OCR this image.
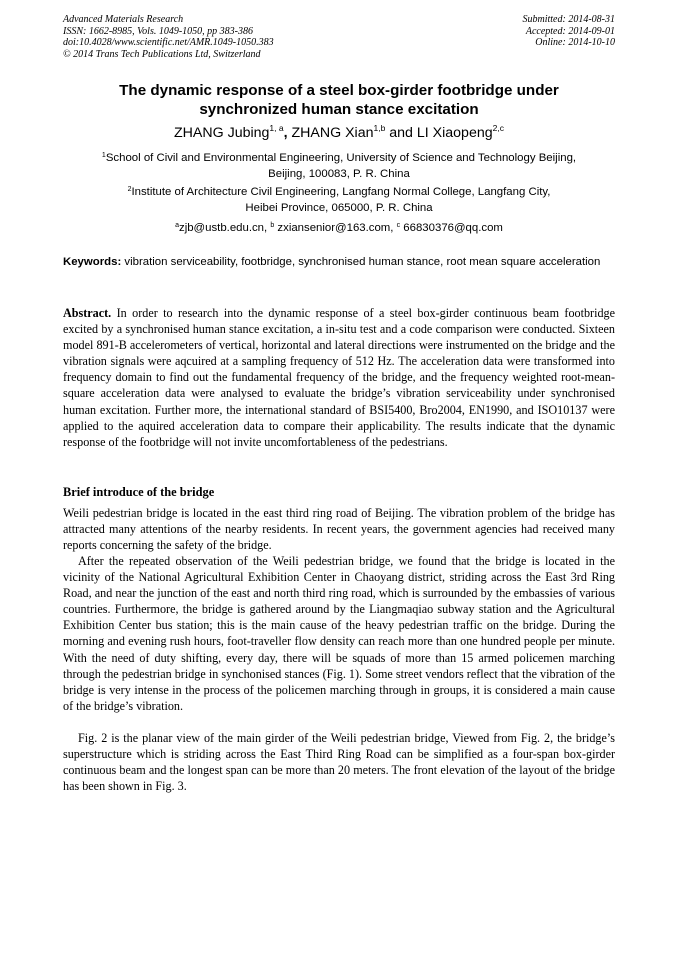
Advanced Materials Research
ISSN: 1662-8985, Vols. 1049-1050, pp 383-386
doi:10.4028/www.scientific.net/AMR.1049-1050.383
© 2014 Trans Tech Publications Ltd, Switzerland
Submitted: 2014-08-31
Accepted: 2014-09-01
Online: 2014-10-10
The dynamic response of a steel box-girder footbridge under
synchronized human stance excitation
ZHANG Jubing$^{1, a}$, ZHANG Xian$^{1,b}$ and LI Xiaopeng$^{2,c}$
$^1$School of Civil and Environmental Engineering, University of Science and Technology Beijing,
Beijing, 100083, P. R. China
$^2$Institute of Architecture Civil Engineering, Langfang Normal College, Langfang City,
Heibei Province, 065000, P. R. China
$^a$zjb@ustb.edu.cn, $^b$ zxiansenior@163.com, $^c$ 66830376@qq.com
Keywords: vibration serviceability, footbridge, synchronised human stance, root mean square acceleration
Abstract. In order to research into the dynamic response of a steel box-girder continuous beam footbridge excited by a synchronised human stance excitation, a in-situ test and a code comparison were conducted. Sixteen model 891-B accelerometers of vertical, horizontal and lateral directions were instrumented on the bridge and the vibration signals were aqcuired at a sampling frequency of 512 Hz. The acceleration data were transformed into frequency domain to find out the fundamental frequency of the bridge, and the frequency weighted root-mean-square acceleration data were analysed to evaluate the bridge’s vibration serviceability under synchronised human excitation. Further more, the international standard of BSI5400, Bro2004, EN1990, and ISO10137 were applied to the aquired acceleration data to compare their applicability. The results indicate that the dynamic response of the footbridge will not invite uncomfortableness of the pedestrians.
Brief introduce of the bridge
Weili pedestrian bridge is located in the east third ring road of Beijing. The vibration problem of the bridge has attracted many attentions of the nearby residents. In recent years, the government agencies had received many reports concerning the safety of the bridge.
After the repeated observation of the Weili pedestrian bridge, we found that the bridge is located in the vicinity of the National Agricultural Exhibition Center in Chaoyang district, striding across the East 3rd Ring Road, and near the junction of the east and north third ring road, which is surrounded by the embassies of various countries. Furthermore, the bridge is gathered around by the Liangmaqiao subway station and the Agricultural Exhibition Center bus station; this is the main cause of the heavy pedestrian traffic on the bridge. During the morning and evening rush hours, foot-traveller flow density can reach more than one hundred people per minute. With the need of duty shifting, every day, there will be squads of more than 15 armed policemen marching through the pedestrian bridge in synchonised stances (Fig. 1). Some street vendors reflect that the vibration of the bridge is very intense in the process of the policemen marching through in groups, it is considered a main cause of the bridge’s vibration.
Fig. 2 is the planar view of the main girder of the Weili pedestrian bridge, Viewed from Fig. 2, the bridge’s superstructure which is striding across the East Third Ring Road can be simplified as a four-span box-girder continuous beam and the longest span can be more than 20 meters. The front elevation of the layout of the bridge has been shown in Fig. 3.
